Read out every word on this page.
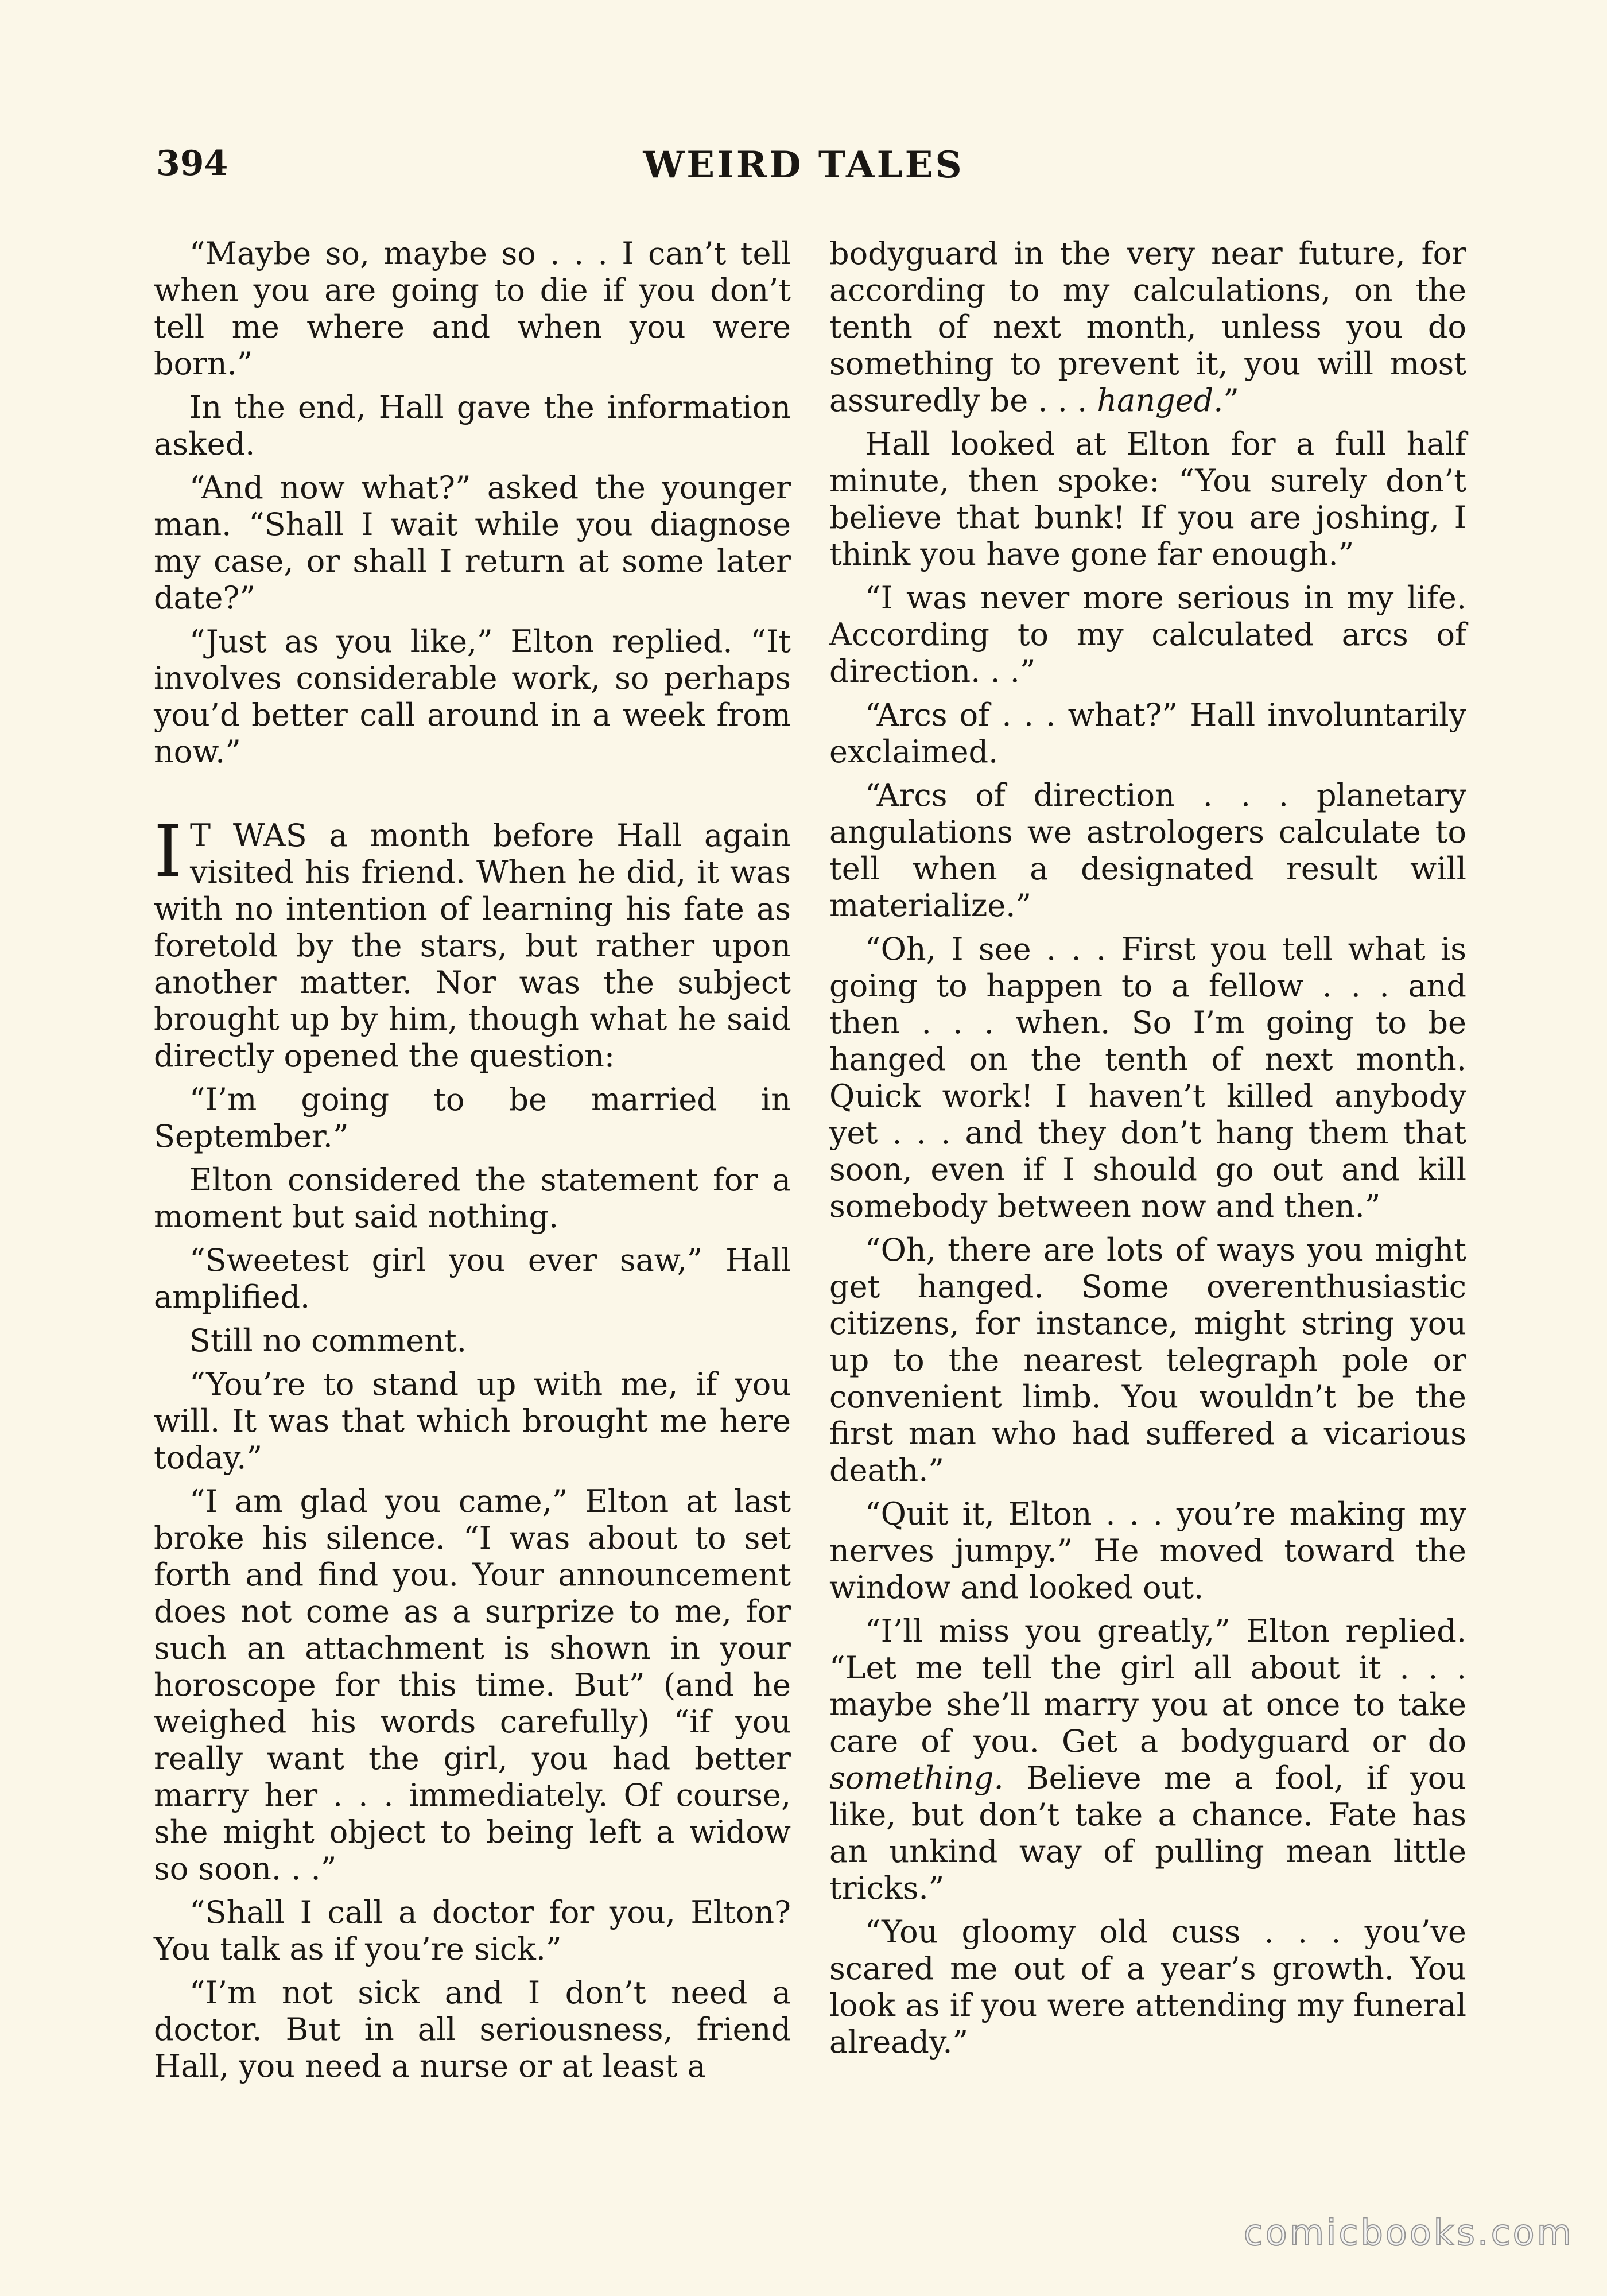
394	WEIRD TALES

“Maybe so, maybe so . . . I can’t tell when you are going to die if you don’t tell me where and when you were born.”

In the end, Hall gave the information asked.

“And now what?” asked the younger man. “Shall I wait while you diagnose my case, or shall I return at some later date?”

“Just as you like,” Elton replied. “It involves considerable work, so perhaps you’d better call around in a week from now.”

I T WAS a month before Hall again visited his friend. When he did, it was with no intention of learning his fate as foretold by the stars, but rather upon another matter. Nor was the subject brought up by him, though what he said directly opened the question:

“I’m going to be married in September.”

Elton considered the statement for a moment but said nothing.

“Sweetest girl you ever saw,” Hall amplified.

Still no comment.

“You’re to stand up with me, if you will. It was that which brought me here today.”

“I am glad you came,” Elton at last broke his silence. “I was about to set forth and find you. Your announcement does not come as a surprize to me, for such an attachment is shown in your horoscope for this time. But” (and he weighed his words carefully) “if you really want the girl, you had better marry her . . . immediately. Of course, she might object to being left a widow so soon. . .”

“Shall I call a doctor for you, Elton? You talk as if you’re sick.”

“I’m not sick and I don’t need a doctor. But in all seriousness, friend Hall, you need a nurse or at least a

bodyguard in the very near future, for according to my calculations, on the tenth of next month, unless you do something to prevent it, you will most assuredly be . . . hanged.”

Hall looked at Elton for a full half minute, then spoke: “You surely don’t believe that bunk! If you are joshing, I think you have gone far enough.”

“I was never more serious in my life. According to my calculated arcs of direction. . .”

“Arcs of . . . what?” Hall involuntarily exclaimed.

“Arcs of direction . . . planetary angulations we astrologers calculate to tell when a designated result will materialize.”

“Oh, I see . . . First you tell what is going to happen to a fellow . . . and then . . . when. So I’m going to be hanged on the tenth of next month. Quick work! I haven’t killed anybody yet . . . and they don’t hang them that soon, even if I should go out and kill somebody between now and then.”

“Oh, there are lots of ways you might get hanged. Some overenthusiastic citizens, for instance, might string you up to the nearest telegraph pole or convenient limb. You wouldn’t be the first man who had suffered a vicarious death.”

“Quit it, Elton . . . you’re making my nerves jumpy.” He moved toward the window and looked out.

“I’ll miss you greatly,” Elton replied. “Let me tell the girl all about it . . . maybe she’ll marry you at once to take care of you. Get a bodyguard or do something. Believe me a fool, if you like, but don’t take a chance. Fate has an unkind way of pulling mean little tricks.”

“You gloomy old cuss . . . you’ve scared me out of a year’s growth. You look as if you were attending my funeral already.”

comicbooks.com
